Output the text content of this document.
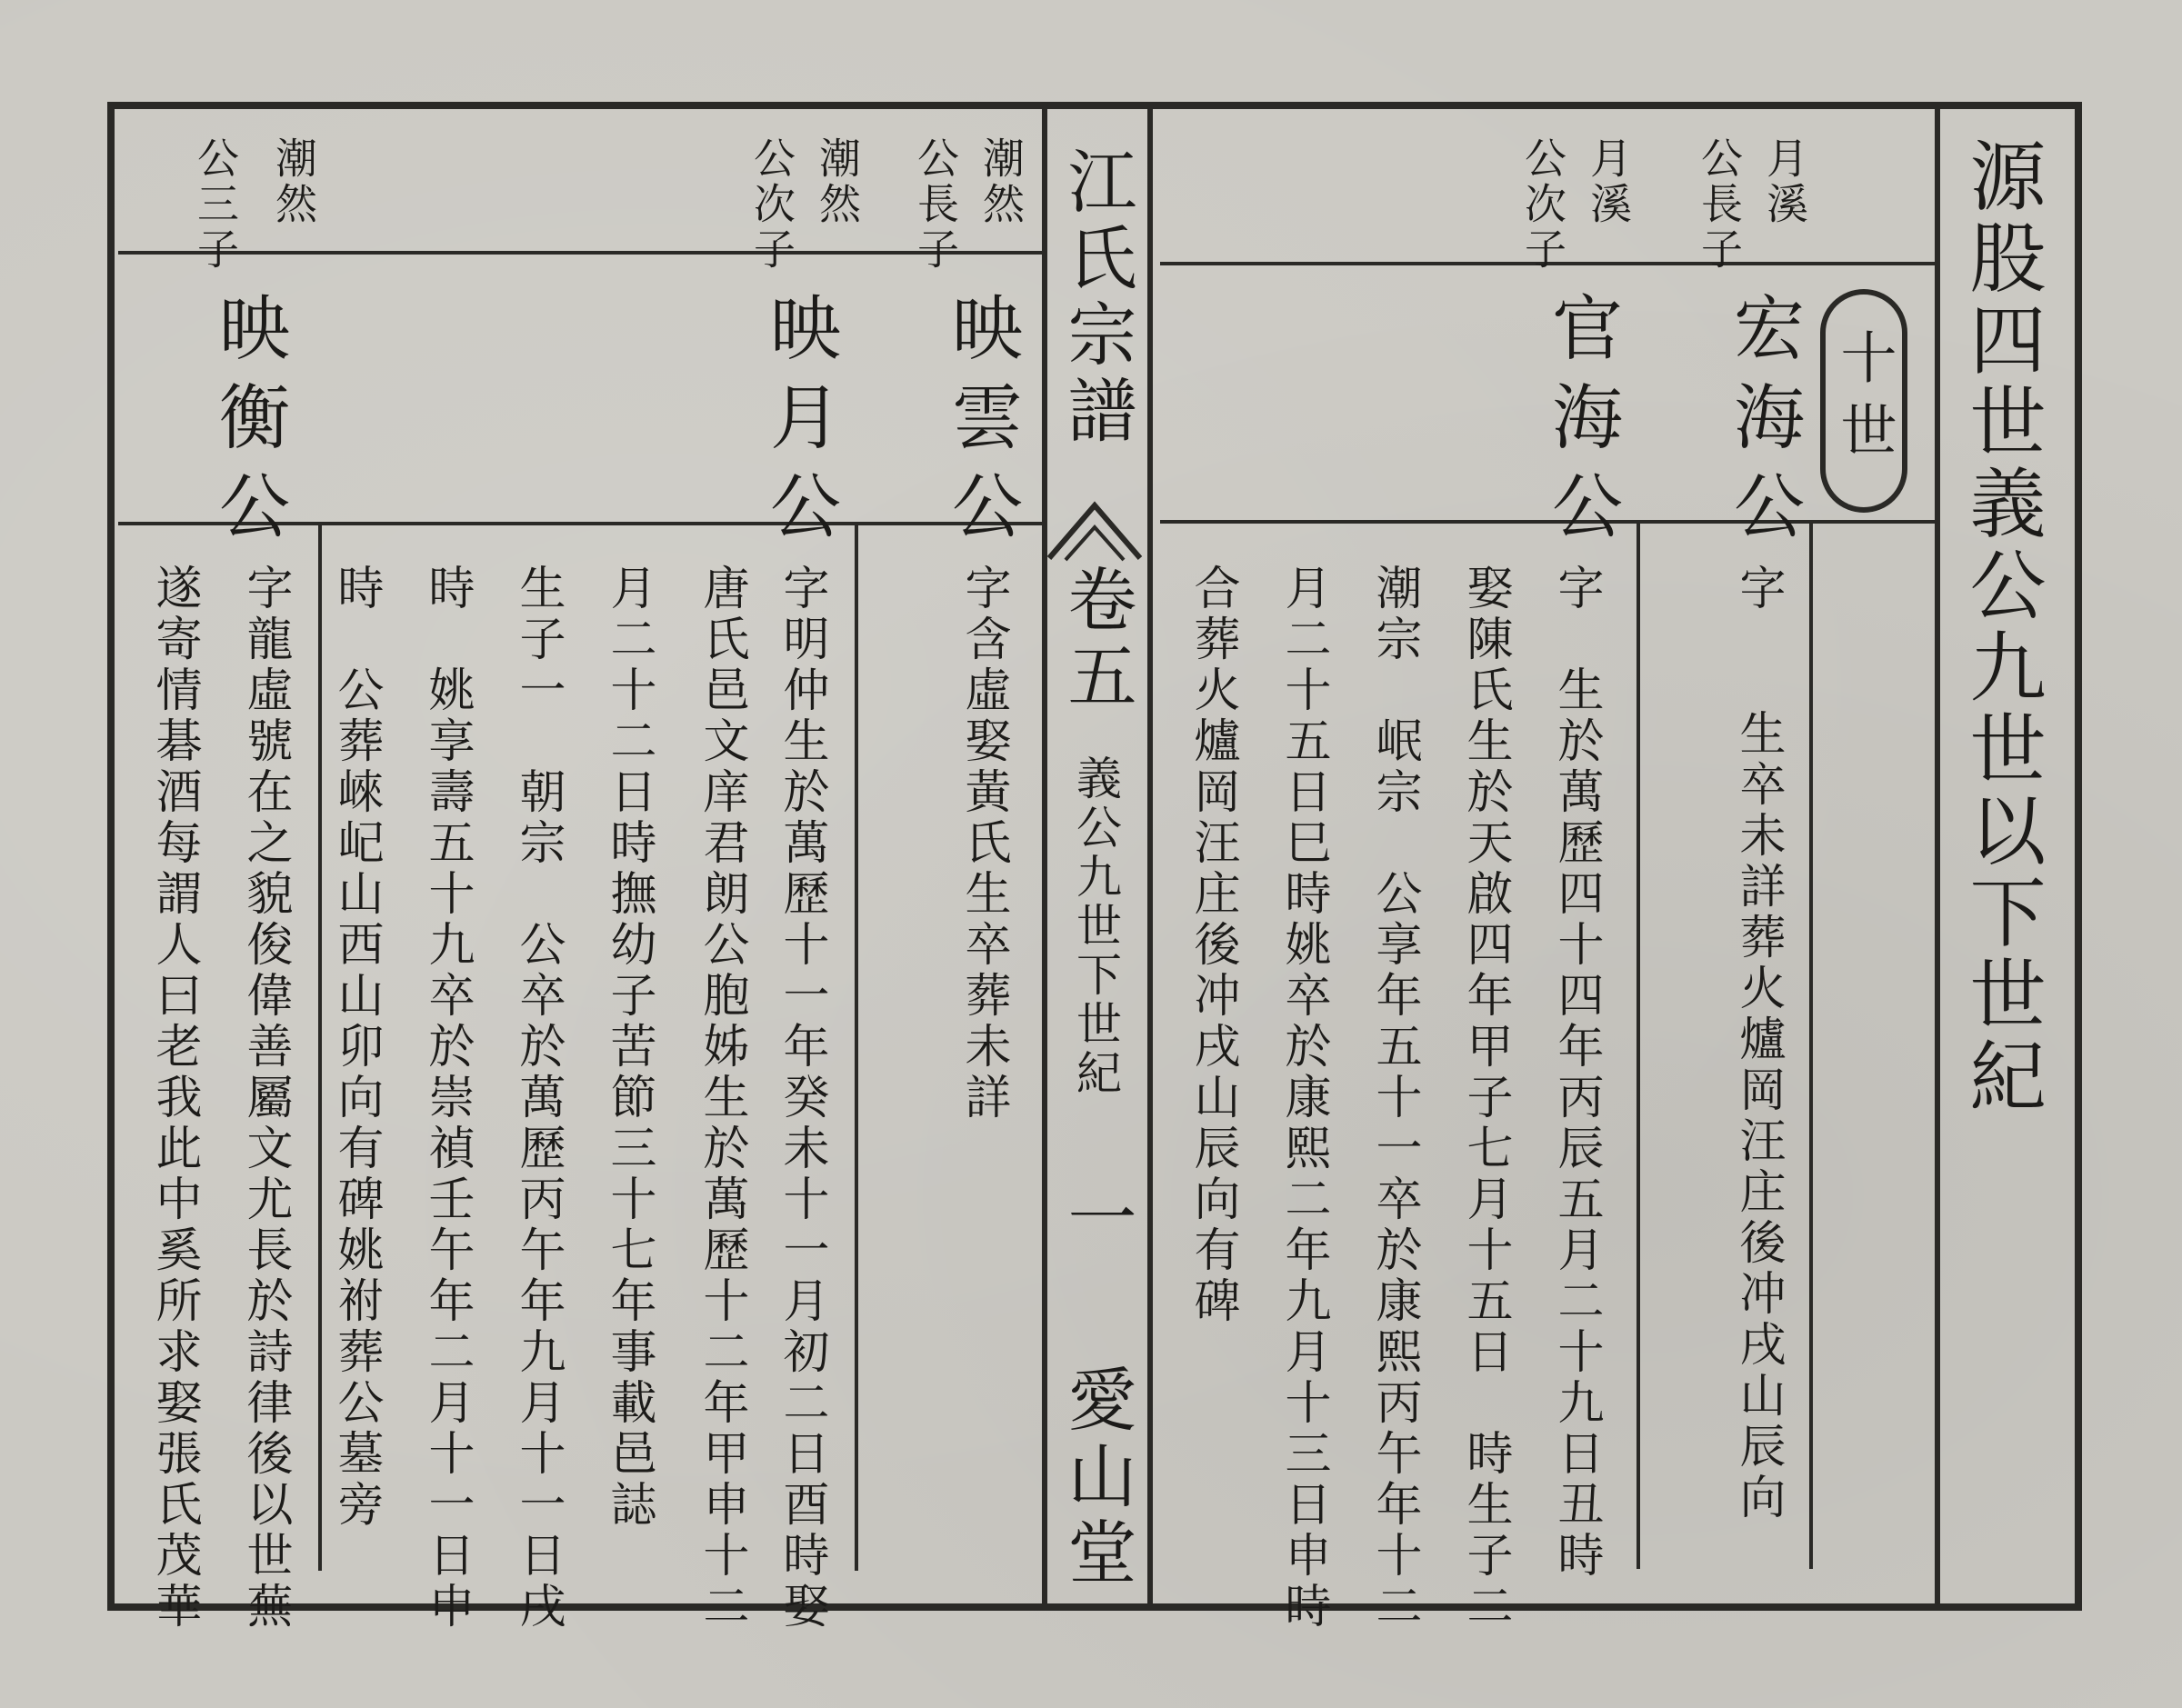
源股四世義公九世以下世紀
十世
江氏宗譜
卷五
義公九世下世紀
一
愛山堂
月溪
公長子
月溪
公次子
宏海公
官海公
字
生卒未詳葬火爐岡汪庄後冲戌山辰向
字　生於萬歷四十四年丙辰五月二十九日丑時
娶陳氏生於天啟四年甲子七月十五日　時生子二
潮宗　岷宗　公享年五十一卒於康熙丙午年十二
月二十五日巳時姚卒於康熙二年九月十三日申時
合葬火爐岡汪庄後冲戌山辰向有碑
潮然
公長子
潮然
公次子
潮然
公三子
映雲公
映月公
映衡公
字含虛娶黃氏生卒葬未詳
字明仲生於萬歷十一年癸未十一月初二日酉時娶
唐氏邑文庠君朗公胞姊生於萬歷十二年甲申十二
月二十二日時撫幼子苦節三十七年事載邑誌
生子一　朝宗　公卒於萬歷丙午年九月十一日戌
時　姚享壽五十九卒於崇禎壬午年二月十一日申
時　公葬崍屺山西山卯向有碑姚祔葬公墓旁
字龍虛號在之貌俊偉善屬文尤長於詩律後以世蕪
遂寄情碁酒每謂人曰老我此中奚所求娶張氏茂華
